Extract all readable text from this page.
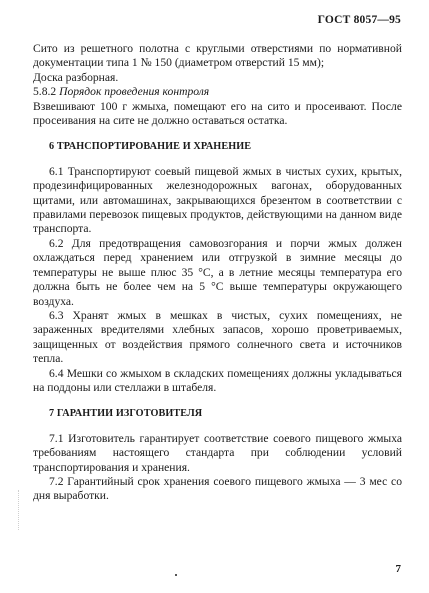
ГОСТ 8057—95

Сито из решетного полотна с круглыми отверстиями по нормативной документации типа 1 № 150 (диаметром отверстий 15 мм);

Доска разборная.

5.8.2 Порядок проведения контроля

Взвешивают 100 г жмыха, помещают его на сито и просеивают. После просеивания на сите не должно оставаться остатка.

6 ТРАНСПОРТИРОВАНИЕ И ХРАНЕНИЕ

6.1 Транспортируют соевый пищевой жмых в чистых сухих, крытых, продезинфицированных железнодорожных вагонах, оборудованных щитами, или автомашинах, закрывающихся брезентом в соответствии с правилами перевозок пищевых продуктов, действующими на данном виде транспорта.

6.2 Для предотвращения самовозгорания и порчи жмых должен охлаждаться перед хранением или отгрузкой в зимние месяцы до температуры не выше плюс 35 °С, а в летние месяцы температура его должна быть не более чем на 5 °С выше температуры окружающего воздуха.

6.3 Хранят жмых в мешках в чистых, сухих помещениях, не зараженных вредителями хлебных запасов, хорошо проветриваемых, защищенных от воздействия прямого солнечного света и источников тепла.

6.4 Мешки со жмыхом в складских помещениях должны укладываться на поддоны или стеллажи в штабеля.

7 ГАРАНТИИ ИЗГОТОВИТЕЛЯ

7.1 Изготовитель гарантирует соответствие соевого пищевого жмыха требованиям настоящего стандарта при соблюдении условий транспортирования и хранения.

7.2 Гарантийный срок хранения соевого пищевого жмыха — 3 мес со дня выработки.

7
